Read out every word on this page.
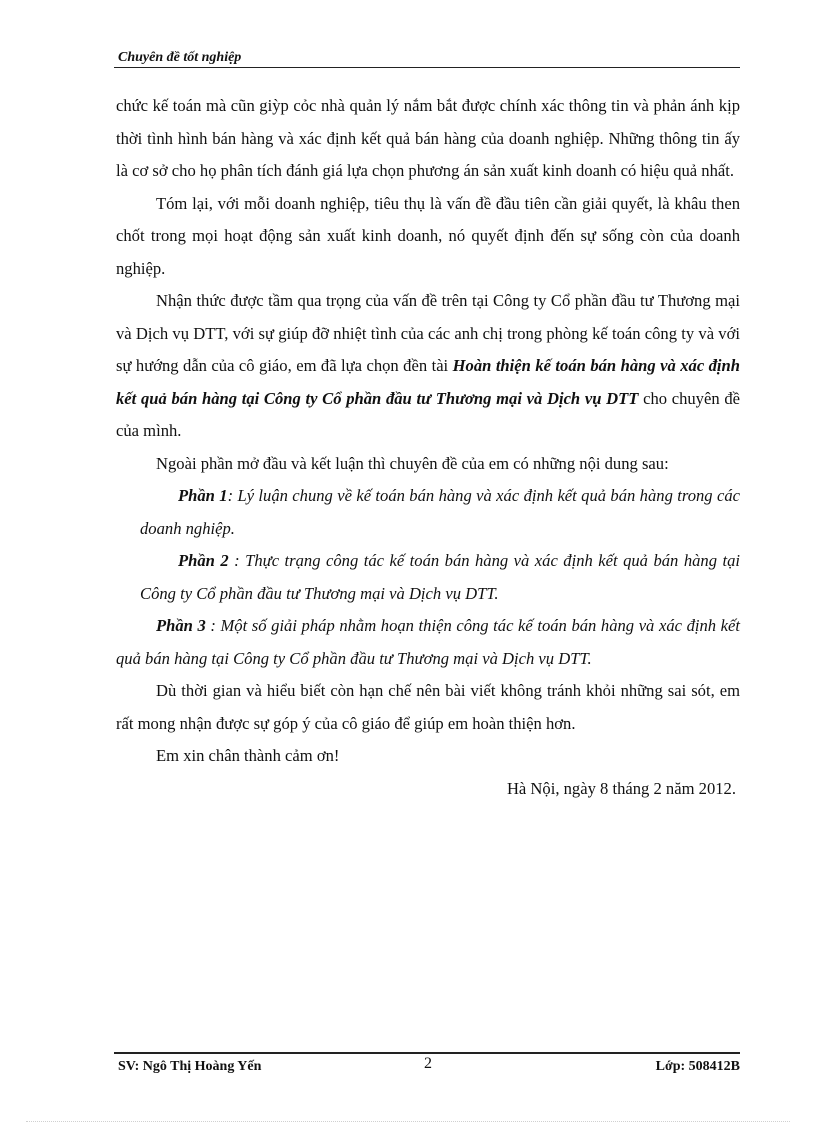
Chuyên đề tốt nghiệp

chức kế toán mà cũn giỳp cỏc nhà quản lý nắm bắt được chính xác thông tin và phản ánh kịp thời tình hình bán hàng và xác định kết quả bán hàng của doanh nghiệp. Những thông tin ấy là cơ sở cho họ phân tích đánh giá lựa chọn phương án sản xuất kinh doanh có hiệu quả nhất.

Tóm lại, với mỗi doanh nghiệp, tiêu thụ là vấn đề đầu tiên cần giải quyết, là khâu then chốt trong mọi hoạt động sản xuất kinh doanh, nó quyết định đến sự sống còn của doanh nghiệp.

Nhận thức được tầm qua trọng của vấn đề trên tại Công ty Cổ phần đầu tư Thương mại và Dịch vụ DTT, với sự giúp đỡ nhiệt tình của các anh chị trong phòng kế toán công ty và với sự hướng dẫn của cô giáo, em đã lựa chọn đền tài Hoàn thiện kế toán bán hàng và xác định kết quả bán hàng tại Công ty Cổ phần đầu tư Thương mại và Dịch vụ DTT cho chuyên đề của mình.

Ngoài phần mở đầu và kết luận thì chuyên đề của em có những nội dung sau:

Phần 1: Lý luận chung về kế toán bán hàng và xác định kết quả bán hàng trong các doanh nghiệp.

Phần 2 : Thực trạng công tác kế toán bán hàng và xác định kết quả bán hàng tại Công ty Cổ phần đầu tư Thương mại và Dịch vụ DTT.

Phần 3 : Một số giải pháp nhằm hoạn thiện công tác kế toán bán hàng và xác định kết quả bán hàng tại Công ty Cổ phần đầu tư Thương mại và Dịch vụ DTT.

Dù thời gian và hiểu biết còn hạn chế nên bài viết không tránh khỏi những sai sót, em rất mong nhận được sự góp ý của cô giáo để giúp em hoàn thiện hơn.

Em xin chân thành cảm ơn!

Hà Nội, ngày 8 tháng 2 năm 2012.

SV: Ngô Thị Hoàng Yến	2	Lớp: 508412B
